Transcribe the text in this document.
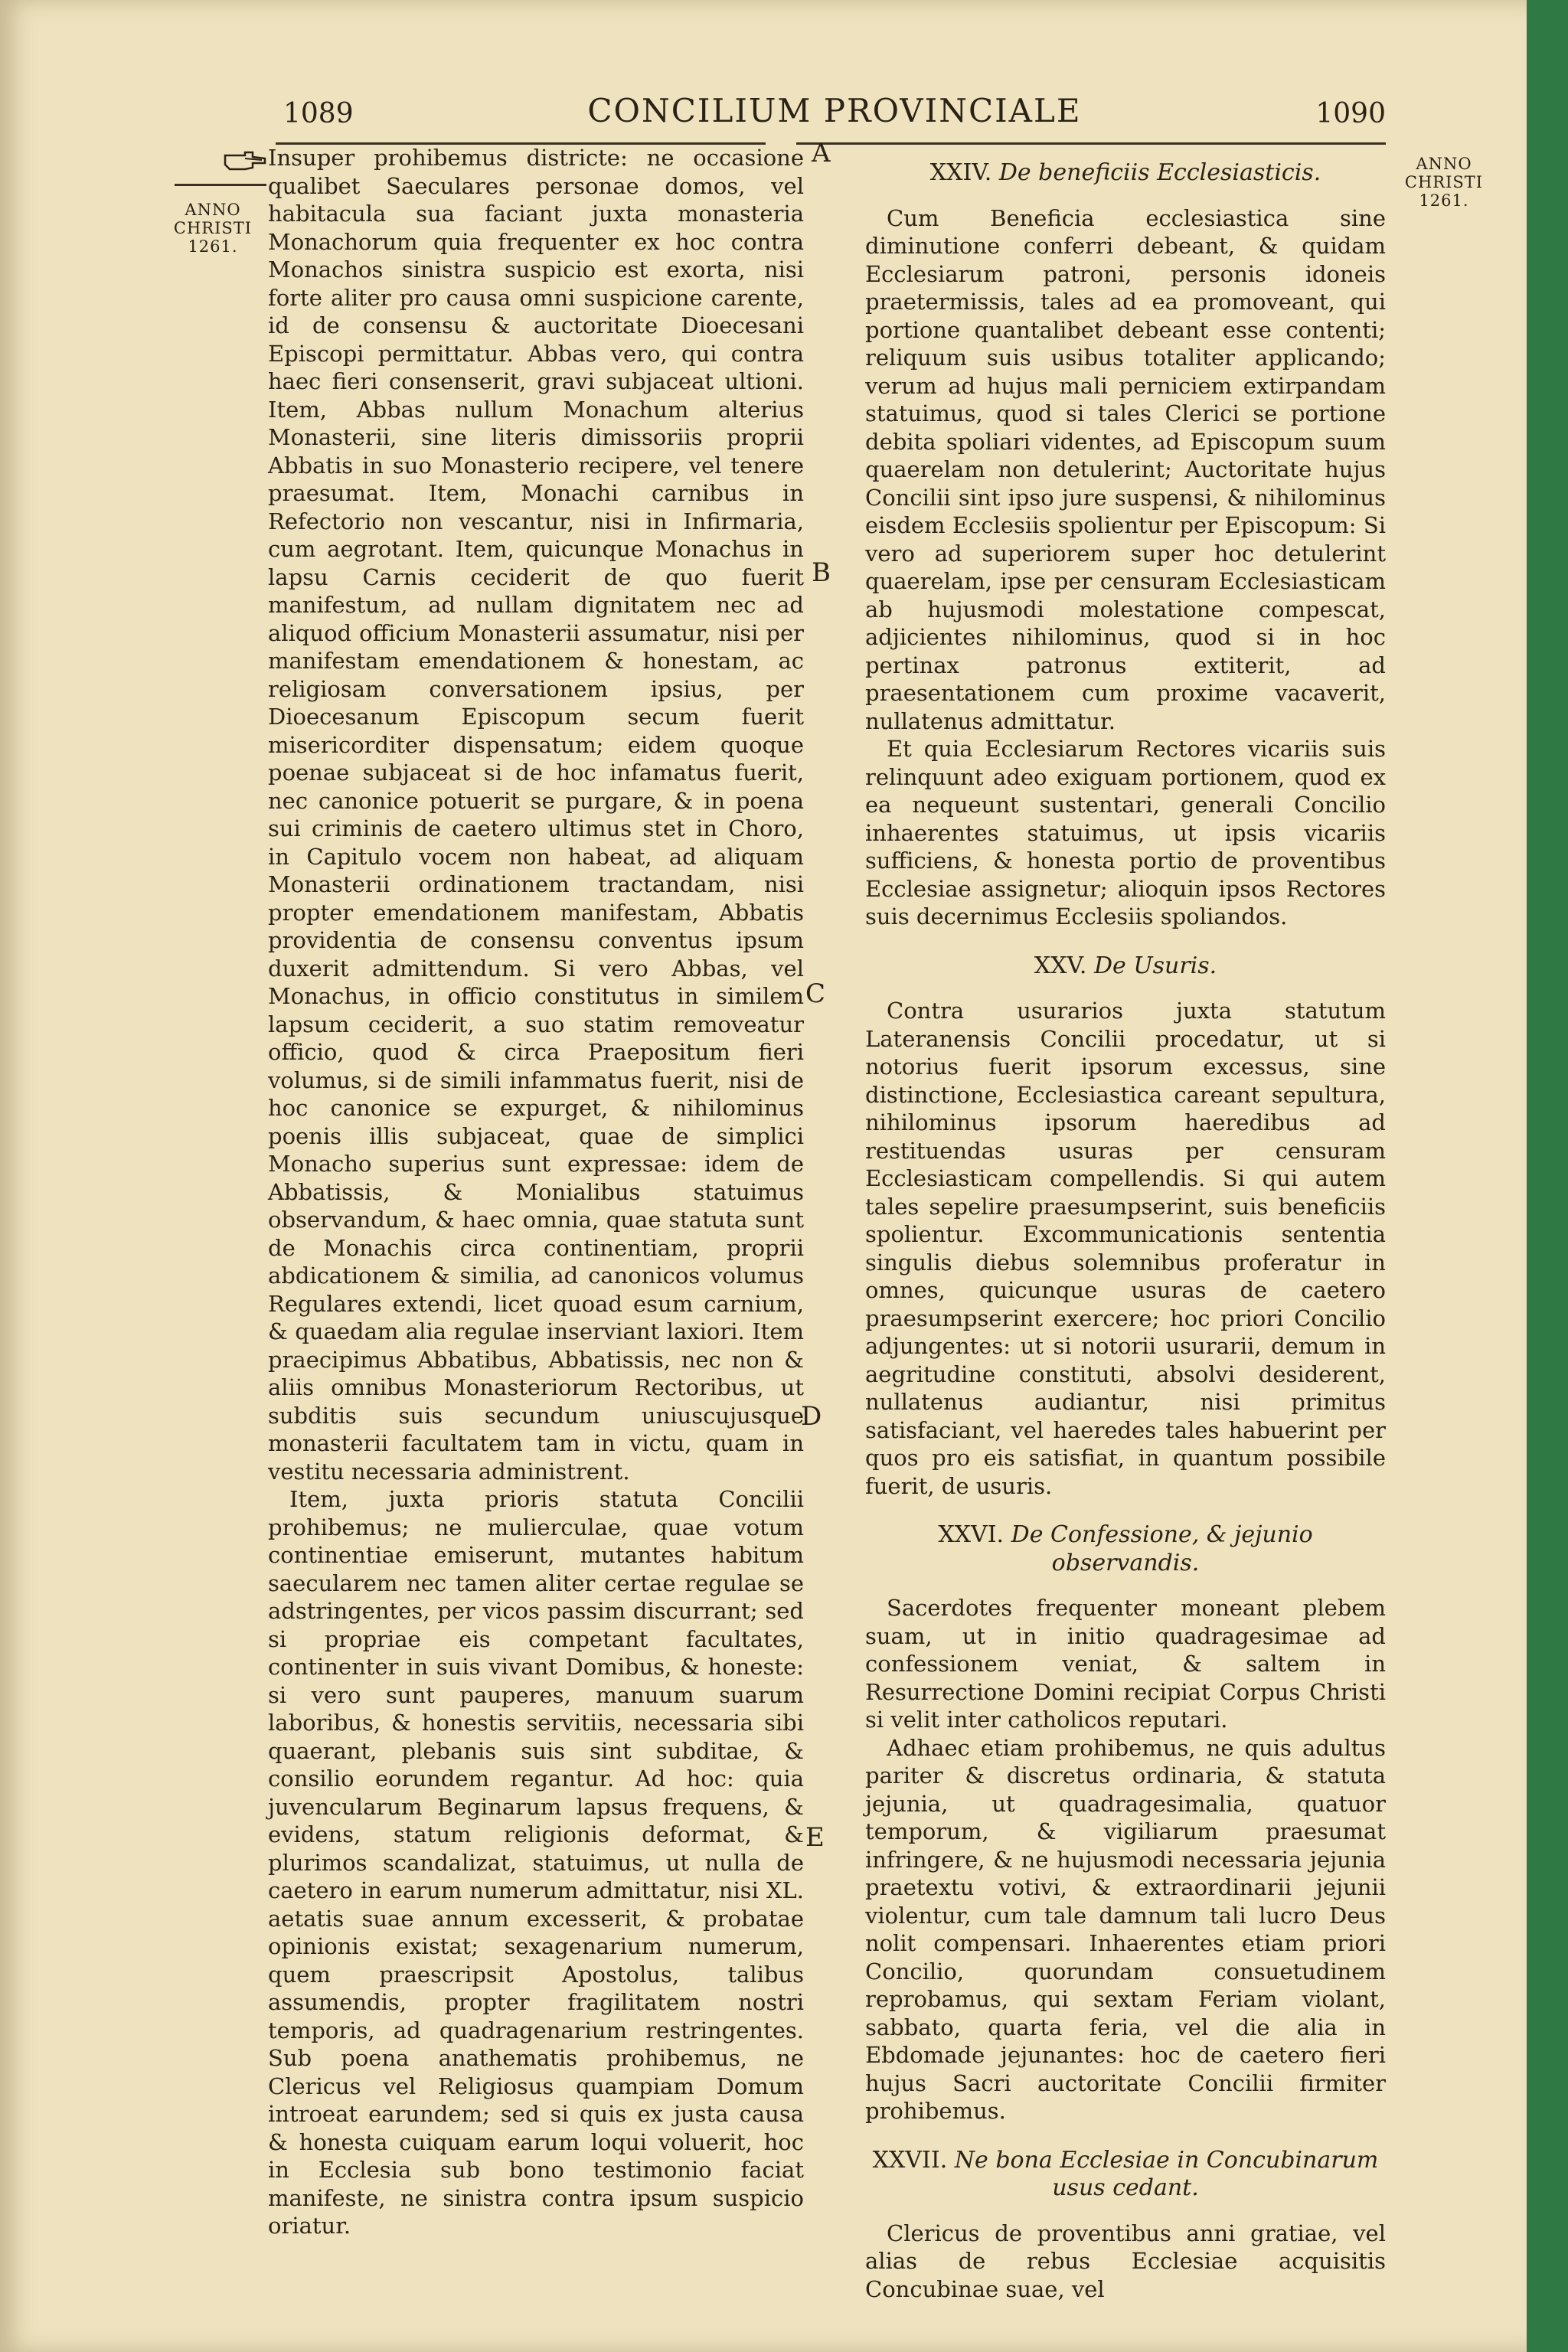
1089	CONCILIUM PROVINCIALE	1090
ANNO CHRISTI 1261.
ANNO CHRISTI 1261.
A
B
C
D
E

Insuper prohibemus districte: ne occasione qualibet Saeculares personae domos, vel habitacula sua faciant juxta monasteria Monachorum quia frequenter ex hoc contra Monachos sinistra suspicio est exorta, nisi forte aliter pro causa omni suspicione carente, id de consensu & auctoritate Dioecesani Episcopi permittatur. Abbas vero, qui contra haec fieri consenserit, gravi subjaceat ultioni. Item, Abbas nullum Monachum alterius Monasterii, sine literis dimissoriis proprii Abbatis in suo Monasterio recipere, vel tenere praesumat. Item, Monachi carnibus in Refectorio non vescantur, nisi in Infirmaria, cum aegrotant. Item, quicunque Monachus in lapsu Carnis ceciderit de quo fuerit manifestum, ad nullam dignitatem nec ad aliquod officium Monasterii assumatur, nisi per manifestam emendationem & honestam, ac religiosam conversationem ipsius, per Dioecesanum Episcopum secum fuerit misericorditer dispensatum; eidem quoque poenae subjaceat si de hoc infamatus fuerit, nec canonice potuerit se purgare, & in poena sui criminis de caetero ultimus stet in Choro, in Capitulo vocem non habeat, ad aliquam Monasterii ordinationem tractandam, nisi propter emendationem manifestam, Abbatis providentia de consensu conventus ipsum duxerit admittendum. Si vero Abbas, vel Monachus, in officio constitutus in similem lapsum ceciderit, a suo statim removeatur officio, quod & circa Praepositum fieri volumus, si de simili infammatus fuerit, nisi de hoc canonice se expurget, & nihilominus poenis illis subjaceat, quae de simplici Monacho superius sunt expressae: idem de Abbatissis, & Monialibus statuimus observandum, & haec omnia, quae statuta sunt de Monachis circa continentiam, proprii abdicationem & similia, ad canonicos volumus Regulares extendi, licet quoad esum carnium, & quaedam alia regulae inserviant laxiori. Item praecipimus Abbatibus, Abbatissis, nec non & aliis omnibus Monasteriorum Rectoribus, ut subditis suis secundum uniuscujusque monasterii facultatem tam in victu, quam in vestitu necessaria administrent.

Item, juxta prioris statuta Concilii prohibemus; ne mulierculae, quae votum continentiae emiserunt, mutantes habitum saecularem nec tamen aliter certae regulae se adstringentes, per vicos passim discurrant; sed si propriae eis competant facultates, continenter in suis vivant Domibus, & honeste: si vero sunt pauperes, manuum suarum laboribus, & honestis servitiis, necessaria sibi quaerant, plebanis suis sint subditae, & consilio eorundem regantur. Ad hoc: quia juvencularum Beginarum lapsus frequens, & evidens, statum religionis deformat, & plurimos scandalizat, statuimus, ut nulla de caetero in earum numerum admittatur, nisi XL. aetatis suae annum excesserit, & probatae opinionis existat; sexagenarium numerum, quem praescripsit Apostolus, talibus assumendis, propter fragilitatem nostri temporis, ad quadragenarium restringentes. Sub poena anathematis prohibemus, ne Clericus vel Religiosus quampiam Domum introeat earundem; sed si quis ex justa causa & honesta cuiquam earum loqui voluerit, hoc in Ecclesia sub bono testimonio faciat manifeste, ne sinistra contra ipsum suspicio oriatur.

XXIV. De beneficiis Ecclesiasticis.

Cum Beneficia ecclesiastica sine diminutione conferri debeant, & quidam Ecclesiarum patroni, personis idoneis praetermissis, tales ad ea promoveant, qui portione quantalibet debeant esse contenti; reliquum suis usibus totaliter applicando; verum ad hujus mali perniciem extirpandam statuimus, quod si tales Clerici se portione debita spoliari videntes, ad Episcopum suum quaerelam non detulerint; Auctoritate hujus Concilii sint ipso jure suspensi, & nihilominus eisdem Ecclesiis spolientur per Episcopum: Si vero ad superiorem super hoc detulerint quaerelam, ipse per censuram Ecclesiasticam ab hujusmodi molestatione compescat, adjicientes nihilominus, quod si in hoc pertinax patronus extiterit, ad praesentationem cum proxime vacaverit, nullatenus admittatur.

Et quia Ecclesiarum Rectores vicariis suis relinquunt adeo exiguam portionem, quod ex ea nequeunt sustentari, generali Concilio inhaerentes statuimus, ut ipsis vicariis sufficiens, & honesta portio de proventibus Ecclesiae assignetur; alioquin ipsos Rectores suis decernimus Ecclesiis spoliandos.

XXV. De Usuris.

Contra usurarios juxta statutum Lateranensis Concilii procedatur, ut si notorius fuerit ipsorum excessus, sine distinctione, Ecclesiastica careant sepultura, nihilominus ipsorum haeredibus ad restituendas usuras per censuram Ecclesiasticam compellendis. Si qui autem tales sepelire praesumpserint, suis beneficiis spolientur. Excommunicationis sententia singulis diebus solemnibus proferatur in omnes, quicunque usuras de caetero praesumpserint exercere; hoc priori Concilio adjungentes: ut si notorii usurarii, demum in aegritudine constituti, absolvi desiderent, nullatenus audiantur, nisi primitus satisfaciant, vel haeredes tales habuerint per quos pro eis satisfiat, in quantum possibile fuerit, de usuris.

XXVI. De Confessione, & jejunio observandis.

Sacerdotes frequenter moneant plebem suam, ut in initio quadragesimae ad confessionem veniat, & saltem in Resurrectione Domini recipiat Corpus Christi si velit inter catholicos reputari.

Adhaec etiam prohibemus, ne quis adultus pariter & discretus ordinaria, & statuta jejunia, ut quadragesimalia, quatuor temporum, & vigiliarum praesumat infringere, & ne hujusmodi necessaria jejunia praetextu votivi, & extraordinarii jejunii violentur, cum tale damnum tali lucro Deus nolit compensari. Inhaerentes etiam priori Concilio, quorundam consuetudinem reprobamus, qui sextam Feriam violant, sabbato, quarta feria, vel die alia in Ebdomade jejunantes: hoc de caetero fieri hujus Sacri auctoritate Concilii firmiter prohibemus.

XXVII. Ne bona Ecclesiae in Concubinarum usus cedant.

Clericus de proventibus anni gratiae, vel alias de rebus Ecclesiae acquisitis Concubinae suae, vel
